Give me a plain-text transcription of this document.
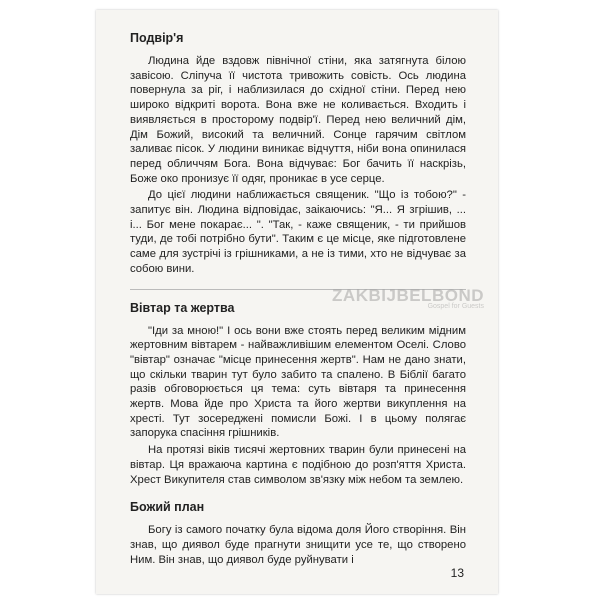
Подвір'я

Людина йде вздовж північної стіни, яка затягнута білою завісою. Сліпуча її чистота тривожить совість. Ось людина повернула за ріг, і наблизилася до східної стіни. Перед нею широко відкриті ворота. Вона вже не коливається. Входить і виявляється в просторому подвір'ї. Перед нею величний дім, Дім Божий, високий та величний. Сонце гарячим світлом заливає пісок. У людини виникає відчуття, ніби вона опинилася перед обличчям Бога. Вона відчуває: Бог бачить її наскрізь, Боже око пронизує її одяг, проникає в усе серце.

До цієї людини наближається священик. "Що із тобою?" - запитує він. Людина відповідає, заікаючись: "Я... Я згрішив, ... і... Бог мене покарає... ". "Так, - каже священик, - ти прийшов туди, де тобі потрібно бути". Таким є це місце, яке підготовлене саме для зустрічі із грішниками, а не із тими, хто не відчуває за собою вини.

Вівтар та жертва

"Іди за мною!" І ось вони вже стоять перед великим мідним жертовним вівтарем - найважливішим елементом Оселі. Слово "вівтар" означає "місце принесення жертв". Нам не дано знати, що скільки тварин тут було забито та спалено. В Біблії багато разів обговорюється ця тема: суть вівтаря та принесення жертв. Мова йде про Христа та його жертви викуплення на хресті. Тут зосереджені помисли Божі. І в цьому полягає запорука спасіння грішників.

На протязі віків тисячі жертовних тварин були принесені на вівтар. Ця вражаюча картина є подібною до розп'яття Христа. Хрест Викупителя став символом зв'язку між небом та землею.

Божий план

Богу із самого початку була відома доля Його створіння. Він знав, що диявол буде прагнути знищити усе те, що створено Ним. Він знав, що диявол буде руйнувати і

ZAKBIJBELBOND
Gospel for Guests
13
